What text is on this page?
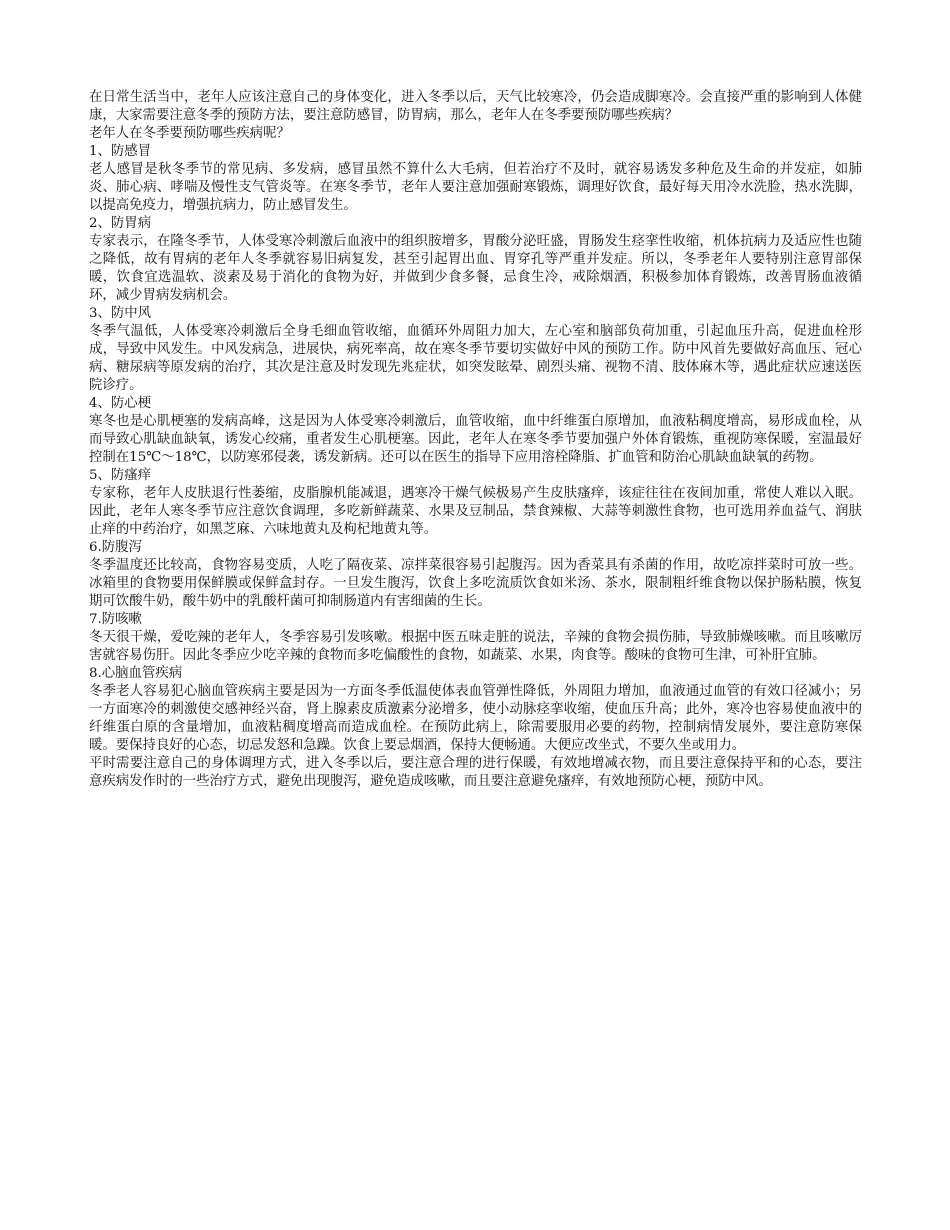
在日常生活当中，老年人应该注意自己的身体变化，进入冬季以后，天气比较寒冷，仍会造成脚寒冷。会直接严重的影响到人体健康，大家需要注意冬季的预防方法，要注意防感冒，防胃病，那么，老年人在冬季要预防哪些疾病？

老年人在冬季要预防哪些疾病呢？

1、防感冒

老人感冒是秋冬季节的常见病、多发病，感冒虽然不算什么大毛病，但若治疗不及时，就容易诱发多种危及生命的并发症，如肺炎、肺心病、哮喘及慢性支气管炎等。在寒冬季节，老年人要注意加强耐寒锻炼，调理好饮食，最好每天用冷水洗脸，热水洗脚，以提高免疫力，增强抗病力，防止感冒发生。

2、防胃病

专家表示，在隆冬季节，人体受寒冷刺激后血液中的组织胺增多，胃酸分泌旺盛，胃肠发生痉挛性收缩，机体抗病力及适应性也随之降低，故有胃病的老年人冬季就容易旧病复发，甚至引起胃出血、胃穿孔等严重并发症。所以，冬季老年人要特别注意胃部保暖，饮食宜选温软、淡素及易于消化的食物为好，并做到少食多餐，忌食生冷，戒除烟酒，积极参加体育锻炼，改善胃肠血液循环，减少胃病发病机会。

3、防中风

冬季气温低，人体受寒冷刺激后全身毛细血管收缩，血循环外周阻力加大，左心室和脑部负荷加重，引起血压升高，促进血栓形成，导致中风发生。中风发病急，进展快，病死率高，故在寒冬季节要切实做好中风的预防工作。防中风首先要做好高血压、冠心病、糖尿病等原发病的治疗，其次是注意及时发现先兆症状，如突发眩晕、剧烈头痛、视物不清、肢体麻木等，遇此症状应速送医院诊疗。

4、防心梗

寒冬也是心肌梗塞的发病高峰，这是因为人体受寒冷刺激后，血管收缩，血中纤维蛋白原增加，血液粘稠度增高，易形成血栓，从而导致心肌缺血缺氧，诱发心绞痛，重者发生心肌梗塞。因此，老年人在寒冬季节要加强户外体育锻炼，重视防寒保暖，室温最好控制在15℃～18℃，以防寒邪侵袭，诱发新病。还可以在医生的指导下应用溶栓降脂、扩血管和防治心肌缺血缺氧的药物。

5、防瘙痒

专家称，老年人皮肤退行性萎缩，皮脂腺机能减退，遇寒冷干燥气候极易产生皮肤瘙痒，该症往往在夜间加重，常使人难以入眠。因此，老年人寒冬季节应注意饮食调理，多吃新鲜蔬菜、水果及豆制品，禁食辣椒、大蒜等刺激性食物，也可选用养血益气、润肤止痒的中药治疗，如黑芝麻、六味地黄丸及枸杞地黄丸等。

6.防腹泻

冬季温度还比较高，食物容易变质，人吃了隔夜菜、凉拌菜很容易引起腹泻。因为香菜具有杀菌的作用，故吃凉拌菜时可放一些。冰箱里的食物要用保鲜膜或保鲜盒封存。一旦发生腹泻，饮食上多吃流质饮食如米汤、茶水，限制粗纤维食物以保护肠粘膜，恢复期可饮酸牛奶，酸牛奶中的乳酸杆菌可抑制肠道内有害细菌的生长。

7.防咳嗽

冬天很干燥，爱吃辣的老年人，冬季容易引发咳嗽。根据中医五味走脏的说法，辛辣的食物会损伤肺，导致肺燥咳嗽。而且咳嗽厉害就容易伤肝。因此冬季应少吃辛辣的食物而多吃偏酸性的食物，如蔬菜、水果，肉食等。酸味的食物可生津，可补肝宜肺。

8.心脑血管疾病

冬季老人容易犯心脑血管疾病主要是因为一方面冬季低温使体表血管弹性降低，外周阻力增加，血液通过血管的有效口径减小；另一方面寒冷的刺激使交感神经兴奋，肾上腺素皮质激素分泌增多，使小动脉痉挛收缩，使血压升高；此外，寒冷也容易使血液中的纤维蛋白原的含量增加，血液粘稠度增高而造成血栓。在预防此病上，除需要服用必要的药物，控制病情发展外，要注意防寒保暖。要保持良好的心态，切忌发怒和急躁。饮食上要忌烟酒，保持大便畅通。大便应改坐式，不要久坐或用力。

平时需要注意自己的身体调理方式，进入冬季以后，要注意合理的进行保暖，有效地增减衣物，而且要注意保持平和的心态，要注意疾病发作时的一些治疗方式，避免出现腹泻，避免造成咳嗽，而且要注意避免瘙痒，有效地预防心梗，预防中风。
